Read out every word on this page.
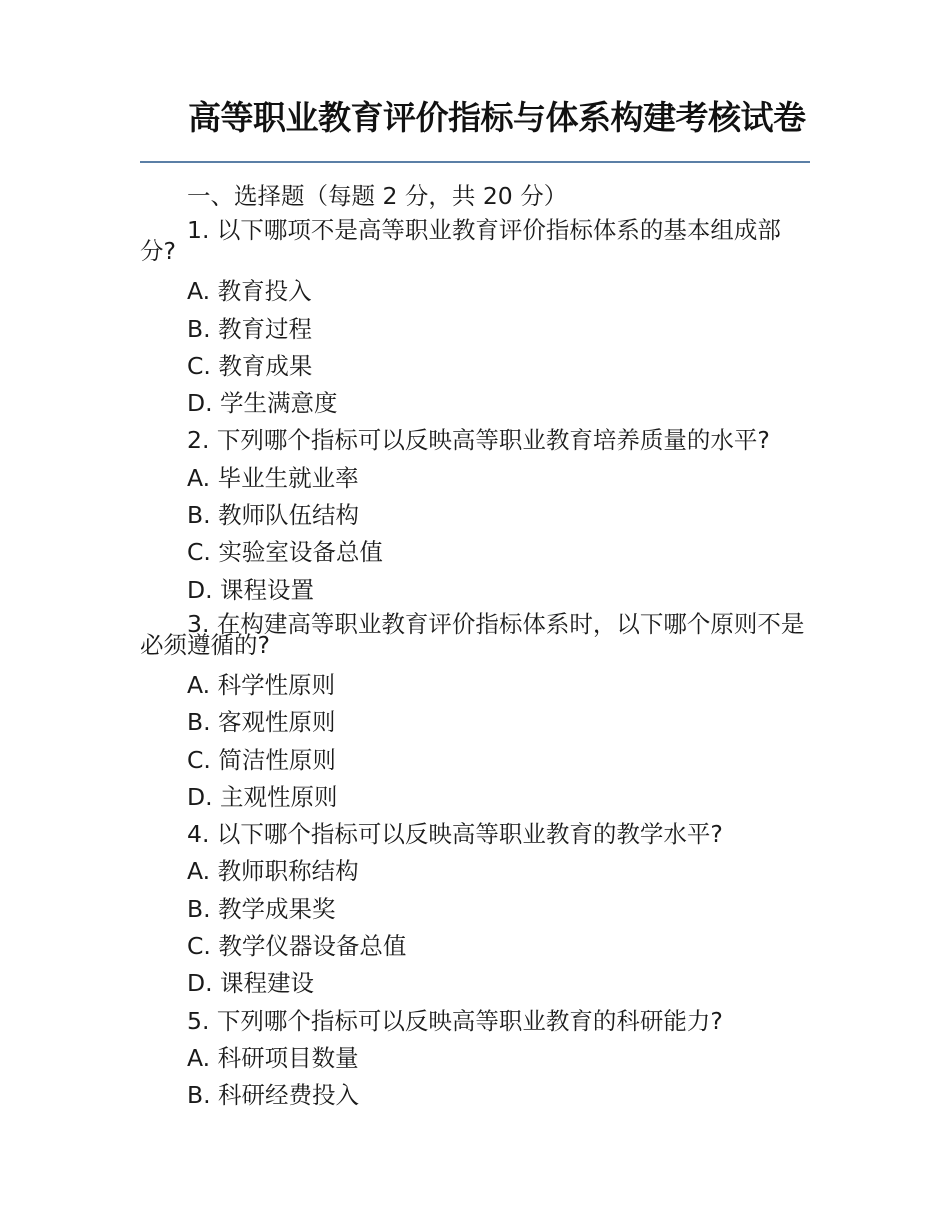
高等职业教育评价指标与体系构建考核试卷

一、选择题（每题 2 分，共 20 分）

1. 以下哪项不是高等职业教育评价指标体系的基本组成部分?

A. 教育投入

B. 教育过程

C. 教育成果

D. 学生满意度

2. 下列哪个指标可以反映高等职业教育培养质量的水平?

A. 毕业生就业率

B. 教师队伍结构

C. 实验室设备总值

D. 课程设置

3. 在构建高等职业教育评价指标体系时，以下哪个原则不是必须遵循的?

A. 科学性原则

B. 客观性原则

C. 简洁性原则

D. 主观性原则

4. 以下哪个指标可以反映高等职业教育的教学水平?

A. 教师职称结构

B. 教学成果奖

C. 教学仪器设备总值

D. 课程建设

5. 下列哪个指标可以反映高等职业教育的科研能力?

A. 科研项目数量

B. 科研经费投入
